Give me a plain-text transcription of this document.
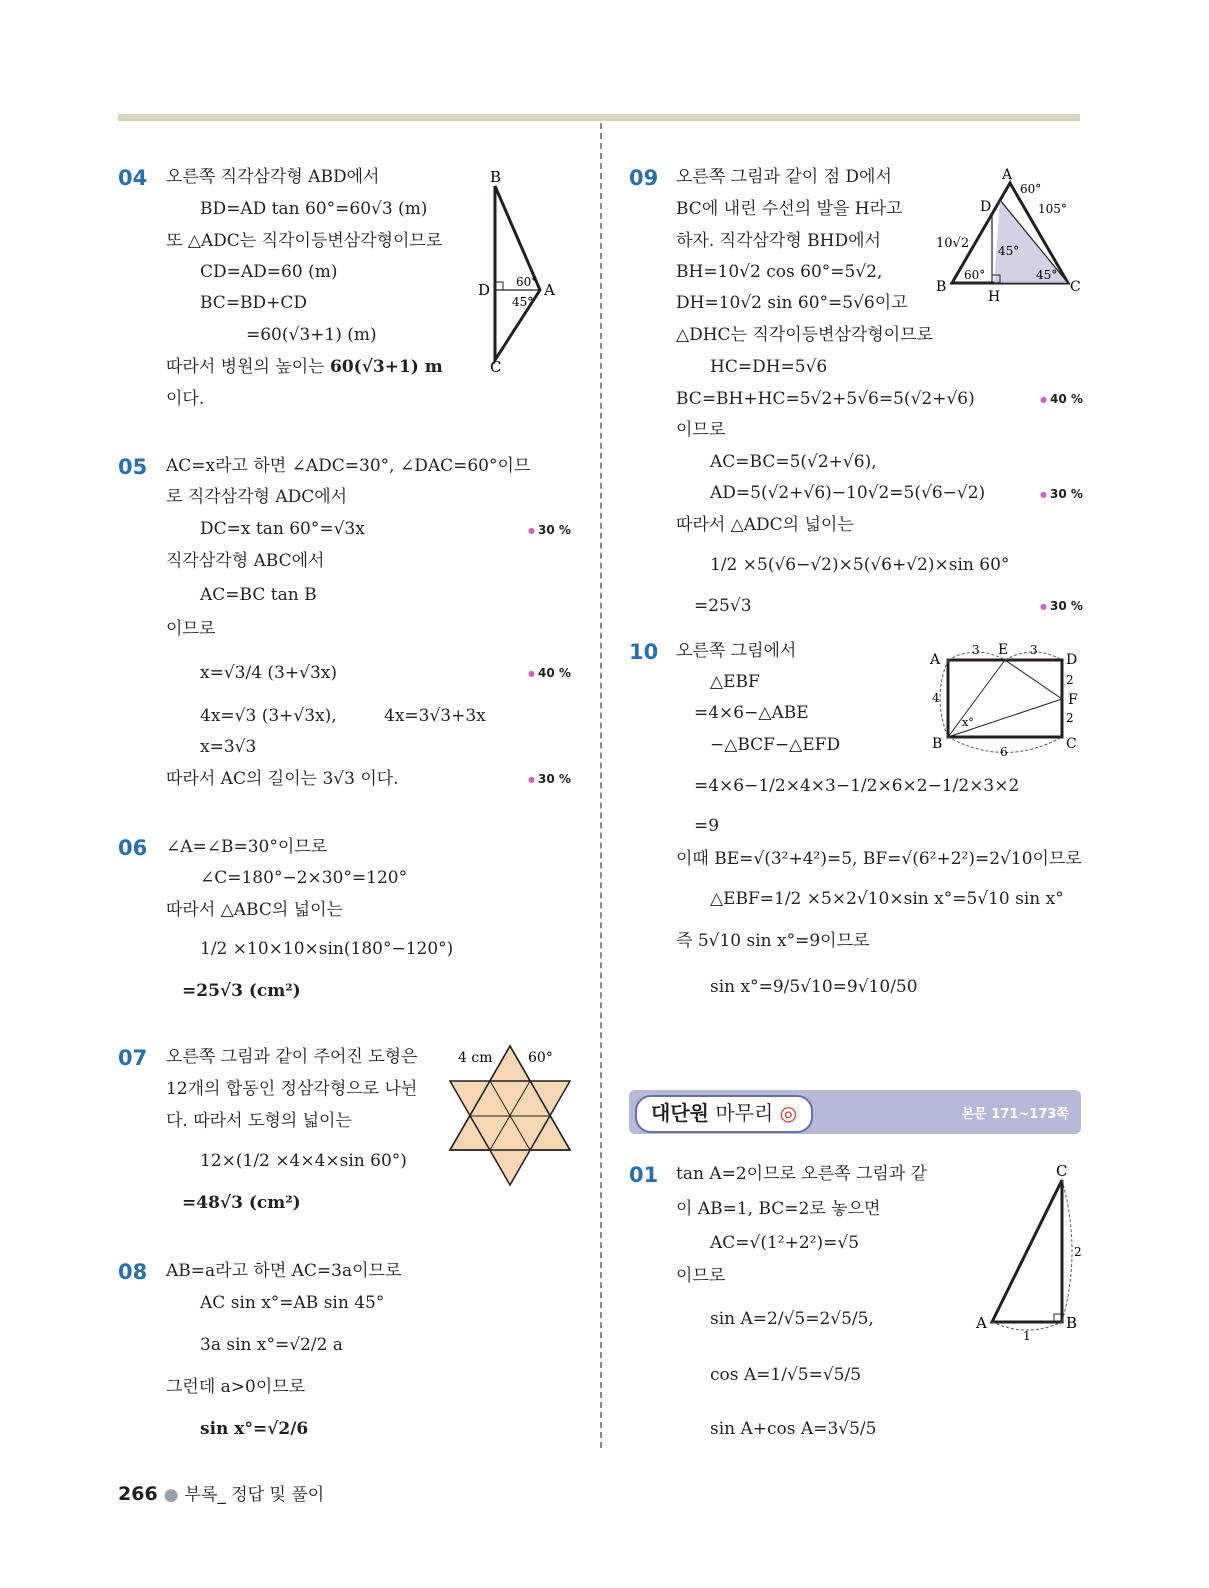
04 오른쪽 직각삼각형 ABD에서
BD=AD tan 60°=60√3 (m)
또 △ADC는 직각이등변삼각형이므로
CD=AD=60 (m)
BC=BD+CD
=60(√3+1) (m)
따라서 병원의 높이는 60(√3+1) m
이다.
B
D	A
C
60°
45°
05 AC=x라고 하면 ∠ADC=30°, ∠DAC=60°이므
로 직각삼각형 ADC에서
DC=x tan 60°=√3x	● 30 %
직각삼각형 ABC에서
AC=BC tan B
이므로
x=√3/4 (3+√3x)	● 40 %
4x=√3 (3+√3x),	4x=3√3+3x
x=3√3
따라서 AC의 길이는 3√3 이다.	● 30 %
06 ∠A=∠B=30°이므로
∠C=180°−2×30°=120°
따라서 △ABC의 넓이는
1/2 ×10×10×sin(180°−120°)
=25√3 (cm²)
07 오른쪽 그림과 같이 주어진 도형은
12개의 합동인 정삼각형으로 나뉜
다. 따라서 도형의 넓이는
12×(1/2 ×4×4×sin 60°)
=48√3 (cm²)
4 cm	60°
08 AB=a라고 하면 AC=3a이므로
AC sin x°=AB sin 45°
3a sin x°=√2/2 a
그런데 a>0이므로
sin x°=√2/6
09 오른쪽 그림과 같이 점 D에서
BC에 내린 수선의 발을 H라고
하자. 직각삼각형 BHD에서
BH=10√2 cos 60°=5√2,
DH=10√2 sin 60°=5√6이고
△DHC는 직각이등변삼각형이므로
HC=DH=5√6
BC=BH+HC=5√2+5√6=5(√2+√6)	● 40 %
이므로
AC=BC=5(√2+√6),
AD=5(√2+√6)−10√2=5(√6−√2)	● 30 %
따라서 △ADC의 넓이는
1/2 ×5(√6−√2)×5(√6+√2)×sin 60°
=25√3	● 30 %
A
D
B
H
C
60°
105°
45°
10√2
60°	45°
10 오른쪽 그림에서
△EBF
=4×6−△ABE
−△BCF−△EFD
=4×6−1/2×4×3−1/2×6×2−1/2×3×2
=9
이때 BE=√(3²+4²)=5, BF=√(6²+2²)=2√10이므로
△EBF=1/2 ×5×2√10×sin x°=5√10 sin x°
즉 5√10 sin x°=9이므로
sin x°=9/5√10=9√10/50
A
E
D
F
B	C
3	3
4
2
2
6
x°
대단원 마무리 ◎	본문 171~173쪽
01 tan A=2이므로 오른쪽 그림과 같
이 AB=1, BC=2로 놓으면
AC=√(1²+2²)=√5
이므로
sin A=2/√5=2√5/5,
cos A=1/√5=√5/5
sin A+cos A=3√5/5
A	B
C
1
2
266 ● 부록_ 정답 및 풀이
